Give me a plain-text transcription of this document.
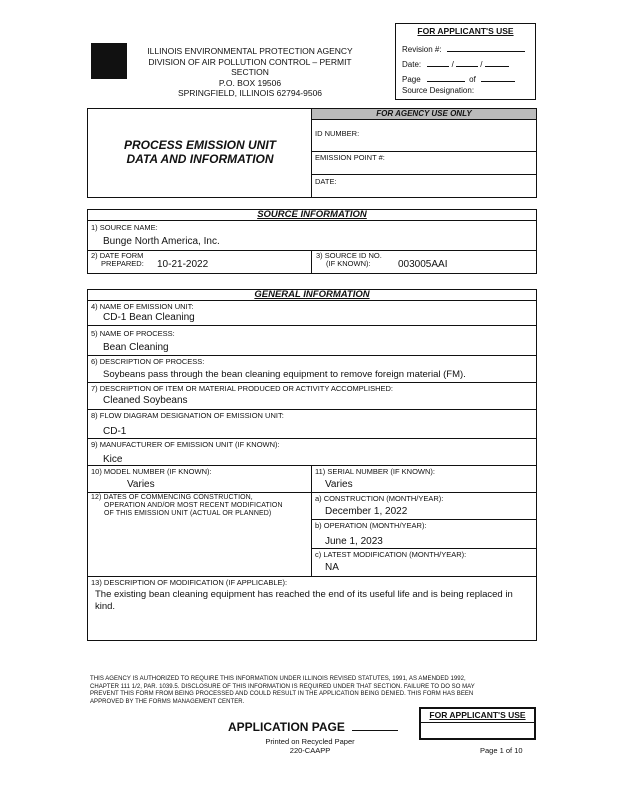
ILLINOIS ENVIRONMENTAL PROTECTION AGENCY
DIVISION OF AIR POLLUTION CONTROL – PERMIT SECTION
P.O. BOX 19506
SPRINGFIELD, ILLINOIS 62794-9506
FOR APPLICANT'S USE
Revision #:
Date:	/	/
Page	of
Source Designation:
PROCESS EMISSION UNIT
DATA AND INFORMATION
FOR AGENCY USE ONLY
ID NUMBER:
EMISSION POINT #:
DATE:
SOURCE INFORMATION
1) SOURCE NAME:
Bunge North America, Inc.
2) DATE FORM
PREPARED: 10-21-2022
3) SOURCE ID NO.
(IF KNOWN):	003005AAI
GENERAL INFORMATION
4) NAME OF EMISSION UNIT:
CD-1 Bean Cleaning
5) NAME OF PROCESS:
Bean Cleaning
6) DESCRIPTION OF PROCESS:
Soybeans pass through the bean cleaning equipment to remove foreign material (FM).
7) DESCRIPTION OF ITEM OR MATERIAL PRODUCED OR ACTIVITY ACCOMPLISHED:
Cleaned Soybeans
8) FLOW DIAGRAM DESIGNATION OF EMISSION UNIT:
CD-1
9) MANUFACTURER OF EMISSION UNIT (IF KNOWN):
Kice
10) MODEL NUMBER (IF KNOWN):
Varies
11) SERIAL NUMBER (IF KNOWN):
Varies
12) DATES OF COMMENCING CONSTRUCTION,
OPERATION AND/OR MOST RECENT MODIFICATION
OF THIS EMISSION UNIT (ACTUAL OR PLANNED)
a) CONSTRUCTION (MONTH/YEAR):
December 1, 2022
b) OPERATION (MONTH/YEAR):
June 1, 2023
c) LATEST MODIFICATION (MONTH/YEAR):
NA
13) DESCRIPTION OF MODIFICATION (IF APPLICABLE):
The existing bean cleaning equipment has reached the end of its useful life and is being replaced in
kind.
THIS AGENCY IS AUTHORIZED TO REQUIRE THIS INFORMATION UNDER ILLINOIS REVISED STATUTES, 1991, AS AMENDED 1992,
CHAPTER 111 1/2, PAR. 1039.5. DISCLOSURE OF THIS INFORMATION IS REQUIRED UNDER THAT SECTION. FAILURE TO DO SO MAY
PREVENT THIS FORM FROM BEING PROCESSED AND COULD RESULT IN THE APPLICATION BEING DENIED. THIS FORM HAS BEEN
APPROVED BY THE FORMS MANAGEMENT CENTER.
FOR APPLICANT'S USE
APPLICATION PAGE
Printed on Recycled Paper
220-CAAPP	Page 1 of 10
